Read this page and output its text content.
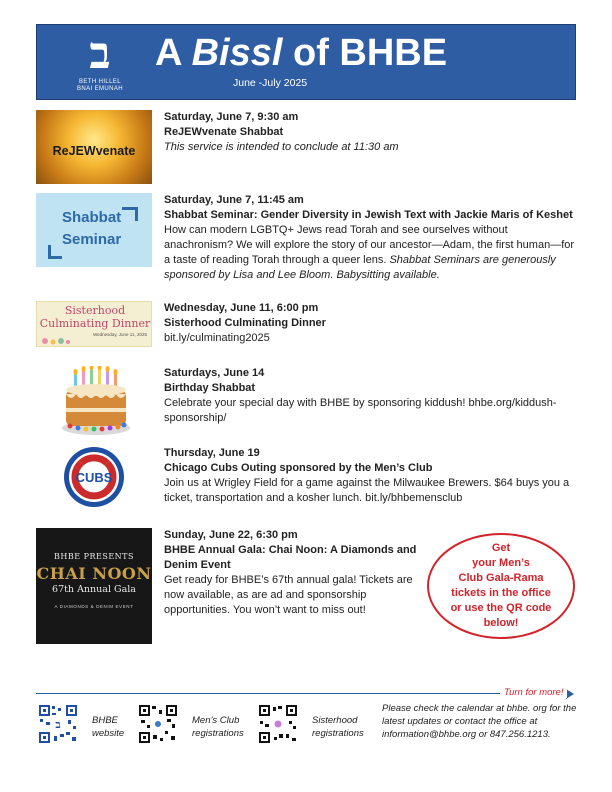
ב
BETH HILLEL
BNAI EMUNAH
A Bissl of BHBE
June -July 2025
ReJEWvenate
Saturday, June 7, 9:30 am
ReJEWvenate Shabbat
This service is intended to conclude at 11:30 am
Shabbat
Seminar
Saturday, June 7, 11:45 am
Shabbat Seminar: Gender Diversity in Jewish Text with Jackie Maris of Keshet
How can modern LGBTQ+ Jews read Torah and see ourselves without anachronism? We will explore the story of our ancestor—Adam, the first human—for a taste of reading Torah through a queer lens. Shabbat Seminars are generously sponsored by Lisa and Lee Bloom. Babysitting available.
Sisterhood
Culminating Dinner
Wednesday, June 11, 2025
Wednesday, June 11, 6:00 pm
Sisterhood Culminating Dinner
bit.ly/culminating2025
Saturdays, June 14
Birthday Shabbat
Celebrate your special day with BHBE by sponsoring kiddush! bhbe.org/kiddush-sponsorship/
CUBS
Thursday, June 19
Chicago Cubs Outing sponsored by the Men’s Club
Join us at Wrigley Field for a game against the Milwaukee Brewers. $64 buys you a ticket, transportation and a kosher lunch. bit.ly/bhbemensclub
BHBE PRESENTS
CHAI NOON
67th Annual Gala
A DIAMONDS & DENIM EVENT
Sunday, June 22, 6:30 pm
BHBE Annual Gala: Chai Noon: A Diamonds and Denim Event
Get ready for BHBE’s 67th annual gala! Tickets are now available, as are ad and sponsorship opportunities. You won’t want to miss out!
Get
your Men’s
Club Gala-Rama
tickets in the office
or use the QR code
below!
Turn for more!
ב	BHBE
website
Men’s Club
registrations
Sisterhood
registrations
Please check the calendar at bhbe. org for the latest updates or contact the office at information@bhbe.org or 847.256.1213.
